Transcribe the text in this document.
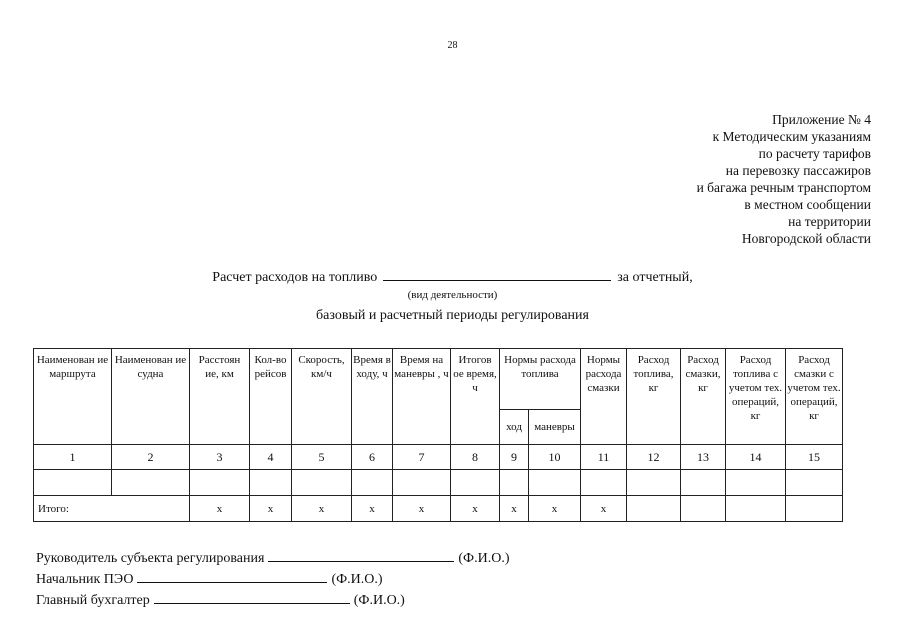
28
Приложение № 4
к Методическим указаниям
по расчету тарифов
на перевозку пассажиров
и багажа речным транспортом
в местном сообщении
на территории
Новгородской области
Расчет расходов на топливо	за отчетный,
(вид деятельности)
базовый и расчетный периоды регулирования
Наименован ие маршрута	Наименован ие судна	Расстоян ие, км	Кол-во рейсов	Скорость, км/ч	Время в ходу, ч	Время на маневры , ч	Итогов ое время, ч	Нормы расхода топлива		Нормы расхода смазки	Расход топлива, кг	Расход смазки, кг	Расход топлива с учетом тех. операций, кг	Расход смазки с учетом тех. операций, кг
								ход	маневры					
1	2	3	4	5	6	7	8	9	10	11	12	13	14	15

Итого:		х	х	х	х	х	х	х	х	х				
Руководитель субъекта регулирования	(Ф.И.О.)
Начальник ПЭО	(Ф.И.О.)
Главный бухгалтер	(Ф.И.О.)
